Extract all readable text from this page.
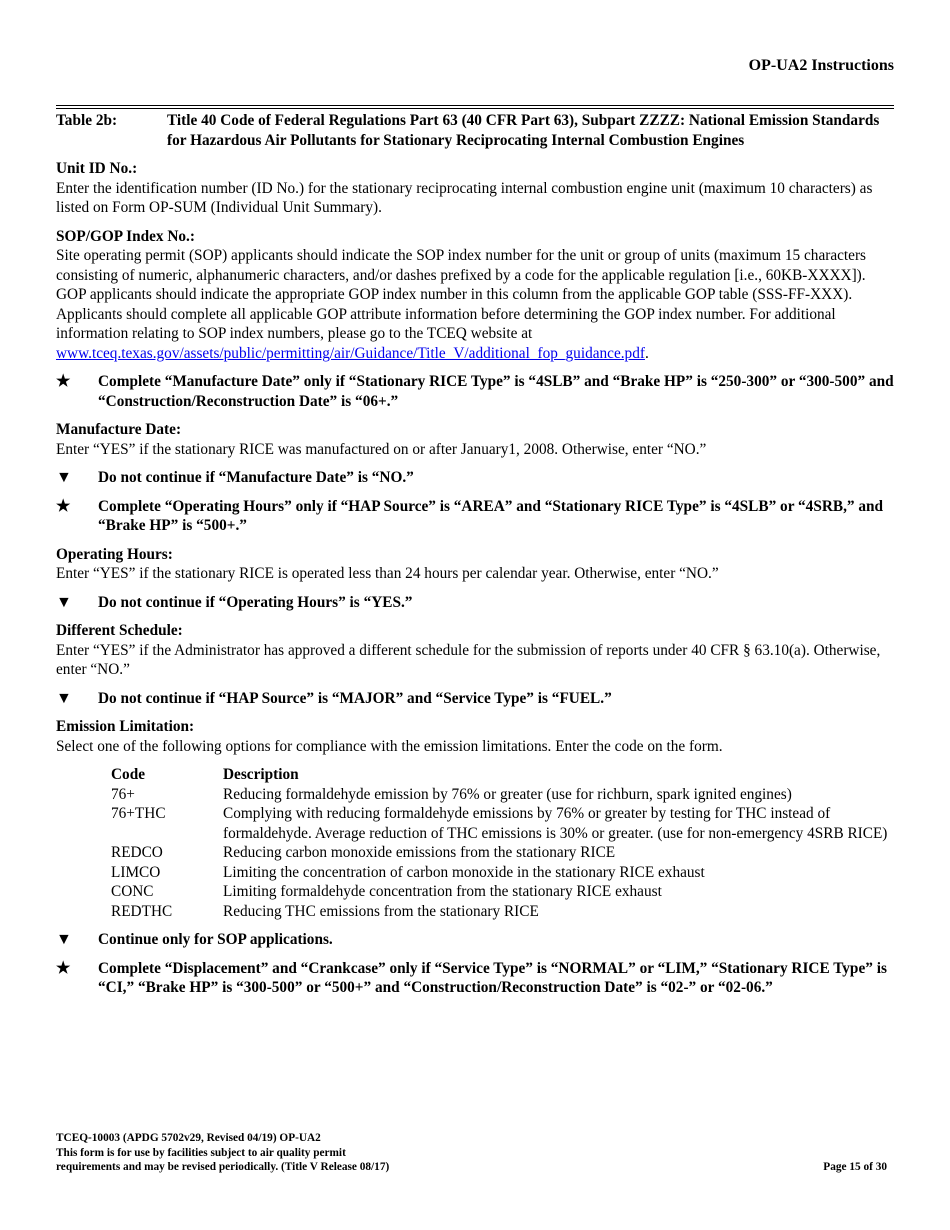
OP-UA2 Instructions
Table 2b:	Title 40 Code of Federal Regulations Part 63 (40 CFR Part 63), Subpart ZZZZ: National Emission Standards for Hazardous Air Pollutants for Stationary Reciprocating Internal Combustion Engines
Unit ID No.:
Enter the identification number (ID No.) for the stationary reciprocating internal combustion engine unit (maximum 10 characters) as listed on Form OP-SUM (Individual Unit Summary).
SOP/GOP Index No.:
Site operating permit (SOP) applicants should indicate the SOP index number for the unit or group of units (maximum 15 characters consisting of numeric, alphanumeric characters, and/or dashes prefixed by a code for the applicable regulation [i.e., 60KB-XXXX]). GOP applicants should indicate the appropriate GOP index number in this column from the applicable GOP table (SSS-FF-XXX). Applicants should complete all applicable GOP attribute information before determining the GOP index number. For additional information relating to SOP index numbers, please go to the TCEQ website at www.tceq.texas.gov/assets/public/permitting/air/Guidance/Title_V/additional_fop_guidance.pdf.
★	Complete “Manufacture Date” only if “Stationary RICE Type” is “4SLB” and “Brake HP” is “250-300” or “300-500” and “Construction/Reconstruction Date” is “06+.”
Manufacture Date:
Enter “YES” if the stationary RICE was manufactured on or after January1, 2008. Otherwise, enter “NO.”
▼	Do not continue if “Manufacture Date” is “NO.”
★	Complete “Operating Hours” only if “HAP Source” is “AREA” and “Stationary RICE Type” is “4SLB” or “4SRB,” and “Brake HP” is “500+.”
Operating Hours:
Enter “YES” if the stationary RICE is operated less than 24 hours per calendar year. Otherwise, enter “NO.”
▼	Do not continue if “Operating Hours” is “YES.”
Different Schedule:
Enter “YES” if the Administrator has approved a different schedule for the submission of reports under 40 CFR § 63.10(a). Otherwise, enter “NO.”
▼	Do not continue if “HAP Source” is “MAJOR” and “Service Type” is “FUEL.”
Emission Limitation:
Select one of the following options for compliance with the emission limitations. Enter the code on the form.
Code	Description
76+	Reducing formaldehyde emission by 76% or greater (use for richburn, spark ignited engines)
76+THC	Complying with reducing formaldehyde emissions by 76% or greater by testing for THC instead of formaldehyde. Average reduction of THC emissions is 30% or greater. (use for non-emergency 4SRB RICE)
REDCO	Reducing carbon monoxide emissions from the stationary RICE
LIMCO	Limiting the concentration of carbon monoxide in the stationary RICE exhaust
CONC	Limiting formaldehyde concentration from the stationary RICE exhaust
REDTHC	Reducing THC emissions from the stationary RICE
▼	Continue only for SOP applications.
★	Complete “Displacement” and “Crankcase” only if “Service Type” is “NORMAL” or “LIM,” “Stationary RICE Type” is “CI,” “Brake HP” is “300-500” or “500+” and “Construction/Reconstruction Date” is “02-” or “02-06.”
TCEQ-10003 (APDG 5702v29, Revised 04/19) OP-UA2
This form is for use by facilities subject to air quality permit
requirements and may be revised periodically. (Title V Release 08/17)	Page 15 of 30
